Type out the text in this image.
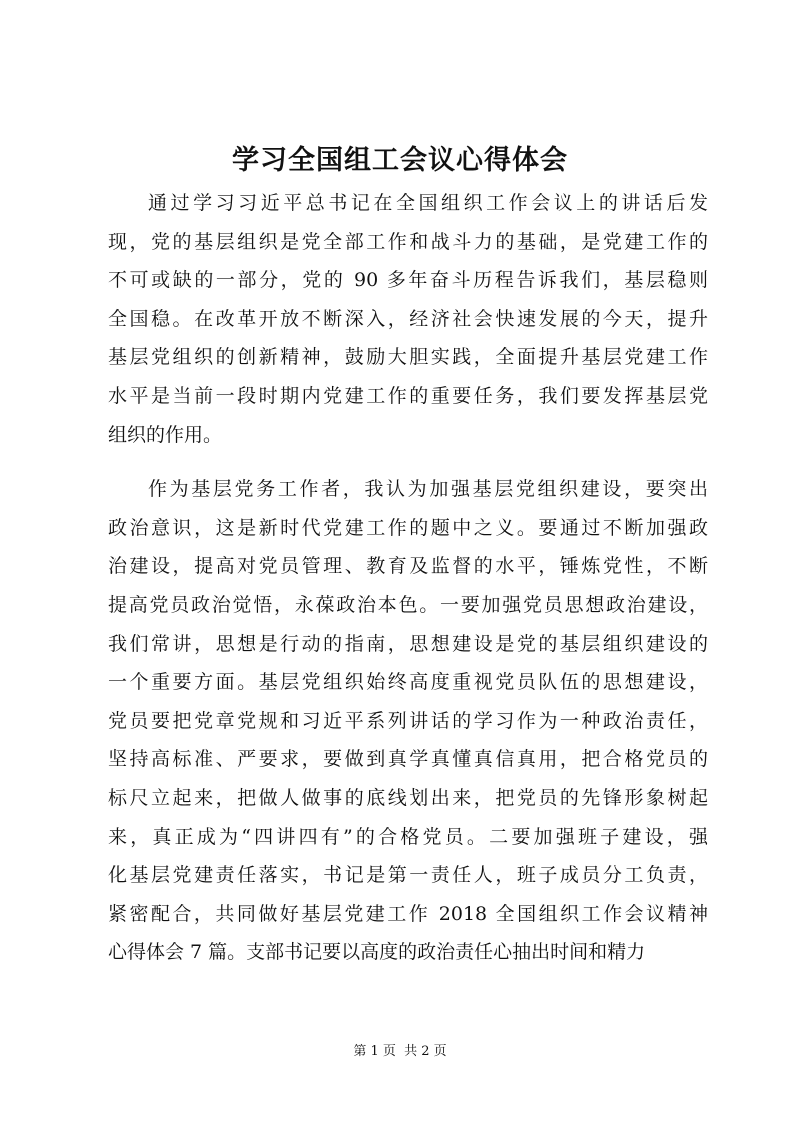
学习全国组工会议心得体会
通过学习习近平总书记在全国组织工作会议上的讲话后发
现，党的基层组织是党全部工作和战斗力的基础，是党建工作的
不可或缺的一部分，党的 90 多年奋斗历程告诉我们，基层稳则
全国稳。在改革开放不断深入，经济社会快速发展的今天，提升
基层党组织的创新精神，鼓励大胆实践，全面提升基层党建工作
水平是当前一段时期内党建工作的重要任务，我们要发挥基层党
组织的作用。
作为基层党务工作者，我认为加强基层党组织建设，要突出
政治意识，这是新时代党建工作的题中之义。要通过不断加强政
治建设，提高对党员管理、教育及监督的水平，锤炼党性，不断
提高党员政治觉悟，永葆政治本色。一要加强党员思想政治建设，
我们常讲，思想是行动的指南，思想建设是党的基层组织建设的
一个重要方面。基层党组织始终高度重视党员队伍的思想建设，
党员要把党章党规和习近平系列讲话的学习作为一种政治责任，
坚持高标准、严要求，要做到真学真懂真信真用，把合格党员的
标尺立起来，把做人做事的底线划出来，把党员的先锋形象树起
来，真正成为“四讲四有”的合格党员。二要加强班子建设，强
化基层党建责任落实，书记是第一责任人，班子成员分工负责，
紧密配合，共同做好基层党建工作 2018 全国组织工作会议精神
心得体会 7 篇。支部书记要以高度的政治责任心抽出时间和精力
第 1 页 共 2 页
